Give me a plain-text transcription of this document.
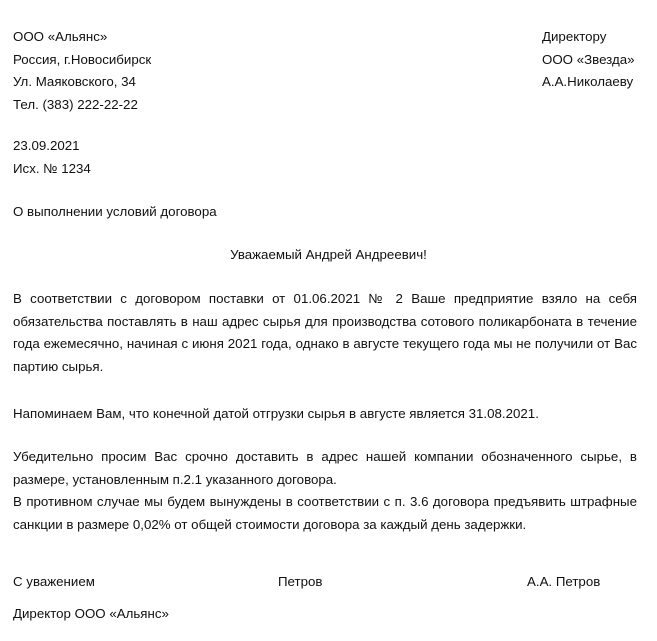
ООО «Альянс»
Россия, г.Новосибирск
Ул. Маяковского, 34
Тел. (383) 222-22-22
Директору
ООО «Звезда»
А.А.Николаеву
23.09.2021
Исх. № 1234
О выполнении условий договора
Уважаемый Андрей Андреевич!
В соответствии с договором поставки от 01.06.2021 № 2 Ваше предприятие взяло на себя обязательства поставлять в наш адрес сырья для производства сотового поликарбоната в течение года ежемесячно, начиная с июня 2021 года, однако в августе текущего года мы не получили от Вас партию сырья.
Напоминаем Вам, что конечной датой отгрузки сырья в августе является 31.08.2021.
Убедительно просим Вас срочно доставить в адрес нашей компании обозначенного сырье, в размере, установленным п.2.1 указанного договора.
В противном случае мы будем вынуждены в соответствии с п. 3.6 договора предъявить штрафные санкции в размере 0,02% от общей стоимости договора за каждый день задержки.
С уважением	Петров	А.А. Петров
Директор ООО «Альянс»
